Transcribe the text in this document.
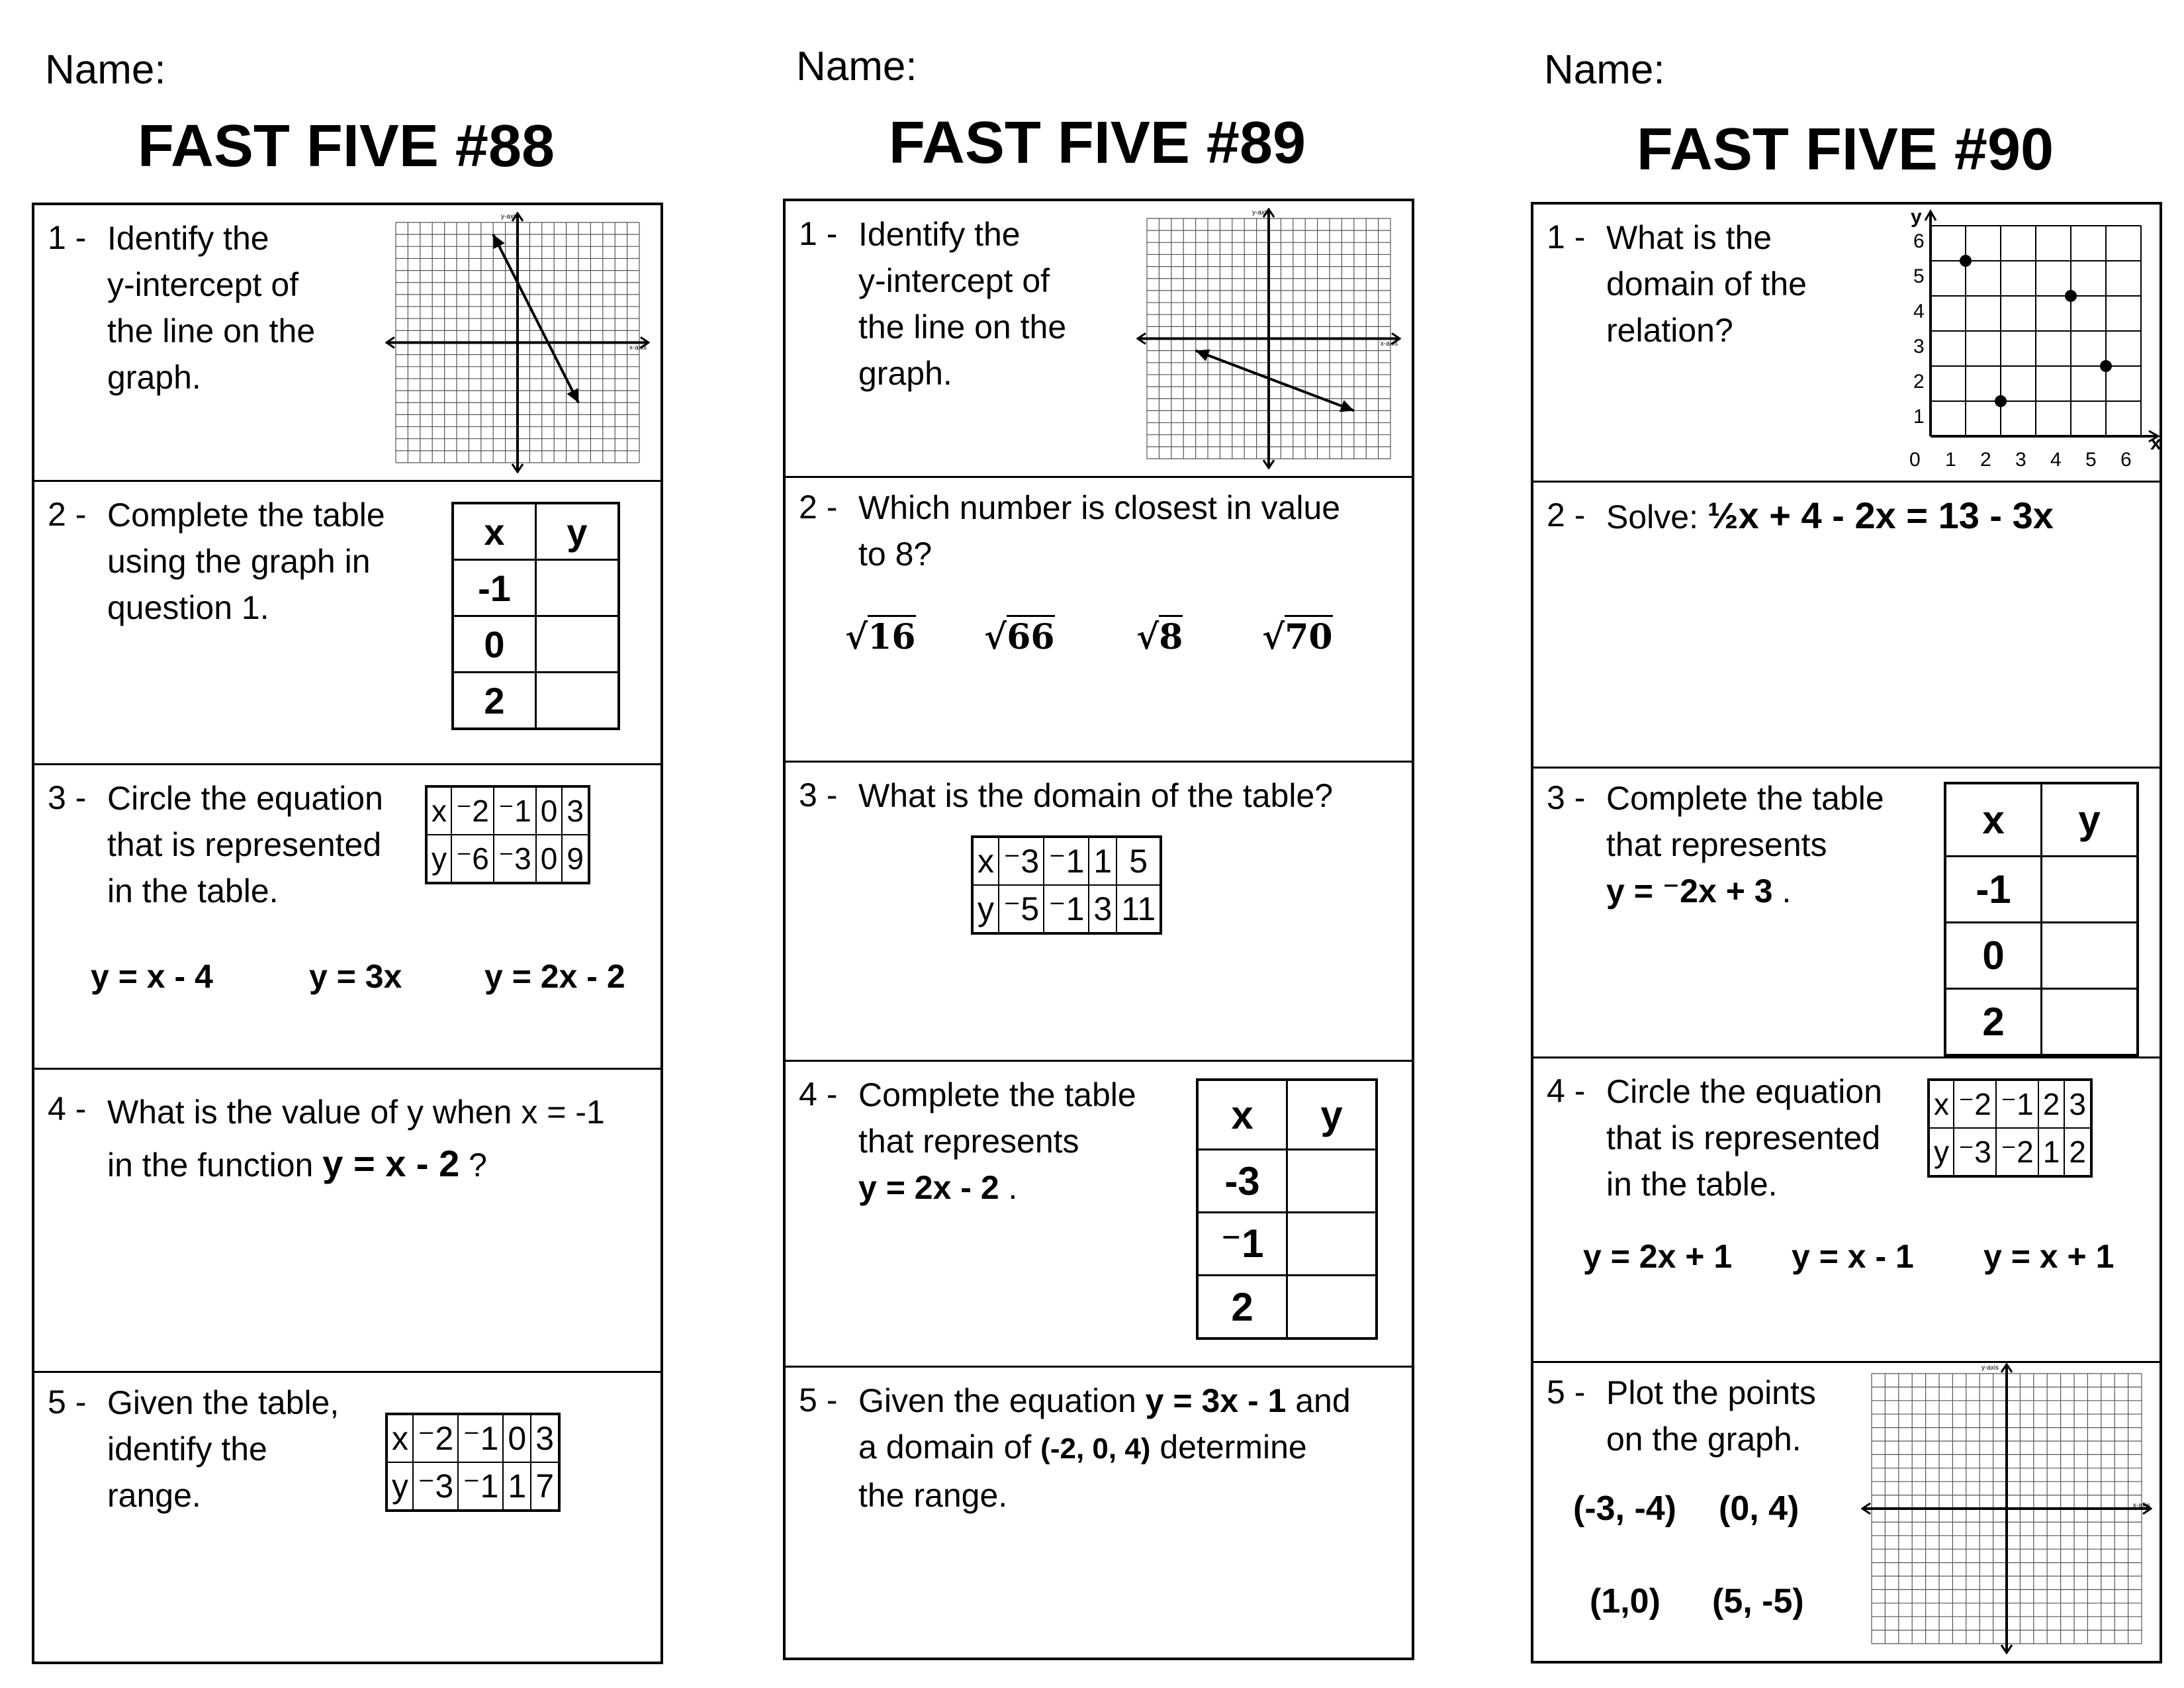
Name:
FAST FIVE #88
1 - Identify the
y-intercept of
the line on the
graph.
y-axis
x-axis
2 - Complete the table
using the graph in
question 1.
x	y
-1	
0	
2	
3 - Circle the equation
that is represented
in the table.
x	⁻2	⁻1	0	3
y	⁻6	⁻3	0	9
y = x - 4	y = 3x y = 2x - 2
4 - What is the value of y when x = -1
in the function y = x - 2 ?
5 - Given the table,
identify the
range.
x	⁻2	⁻1	0	3
y	⁻3	⁻1	1	7
Name:
FAST FIVE #89
1 - Identify the
y-intercept of
the line on the
graph.
y-axis
x-axis
2 - Which number is closest in value
to 8?
√16 √66 √8 √70
3 - What is the domain of the table?
x	⁻3	⁻1	1	5
y	⁻5	⁻1	3	11
4 - Complete the table
that represents
y = 2x - 2 .
x	y
-3	
⁻1	
2	
5 - Given the equation y = 3x - 1 and
a domain of (-2, 0, 4) determine
the range.
Name:
FAST FIVE #90
1 - What is the
domain of the
relation?
y
x
0 1 2 3 4 5 6
1
2
3
4
5
6
2 - Solve: ½x + 4 - 2x = 13 - 3x
3 - Complete the table
that represents
y = ⁻2x + 3 .
x	y
-1	
0	
2	
4 - Circle the equation
that is represented
in the table.
x	⁻2	⁻1	2	3
y	⁻3	⁻2	1	2
y = 2x + 1 y = x - 1 y = x + 1
5 - Plot the points
on the graph.
(-3, -4) (0, 4)
(1,0) (5, -5)
y-axis
x-axis
